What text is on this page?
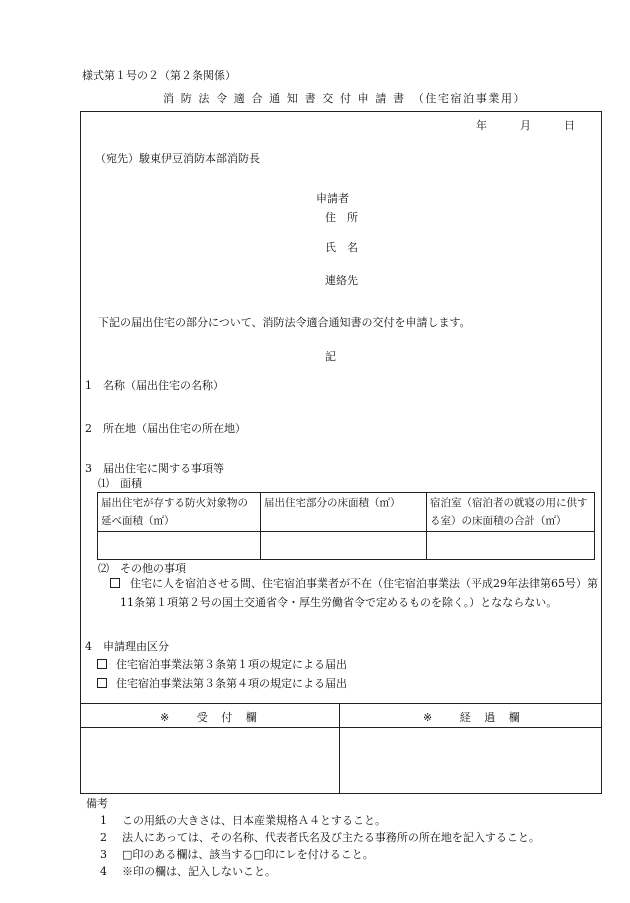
様式第１号の２（第２条関係）
消 防 法 令 適 合 通 知 書 交 付 申 請 書　（住宅宿泊事業用）
年	月	日
（宛先）駿東伊豆消防本部消防長
申請者
住　所
氏　名
連絡先
下記の届出住宅の部分について、消防法令適合通知書の交付を申請します。
記
1　名称（届出住宅の名称）
2　所在地（届出住宅の所在地）
3　届出住宅に関する事項等
⑴　面積
届出住宅が存する防火対象物の延べ面積（㎡）	届出住宅部分の床面積（㎡）	宿泊室（宿泊者の就寝の用に供する室）の床面積の合計（㎡）

⑵　その他の事項
住宅に人を宿泊させる間、住宅宿泊事業者が不在（住宅宿泊事業法（平成29年法律第65号）第11条第１項第２号の国土交通省令・厚生労働省令で定めるものを除く。）となならない。
4　申請理由区分
住宅宿泊事業法第３条第１項の規定による届出
住宅宿泊事業法第３条第４項の規定による届出
※ 受 付 欄	※ 経 過 欄
備考
1 この用紙の大きさは、日本産業規格Ａ４とすること。
2 法人にあっては、その名称、代表者氏名及び主たる事務所の所在地を記入すること。
3 □印のある欄は、該当する□印にレを付けること。
4 ※印の欄は、記入しないこと。
